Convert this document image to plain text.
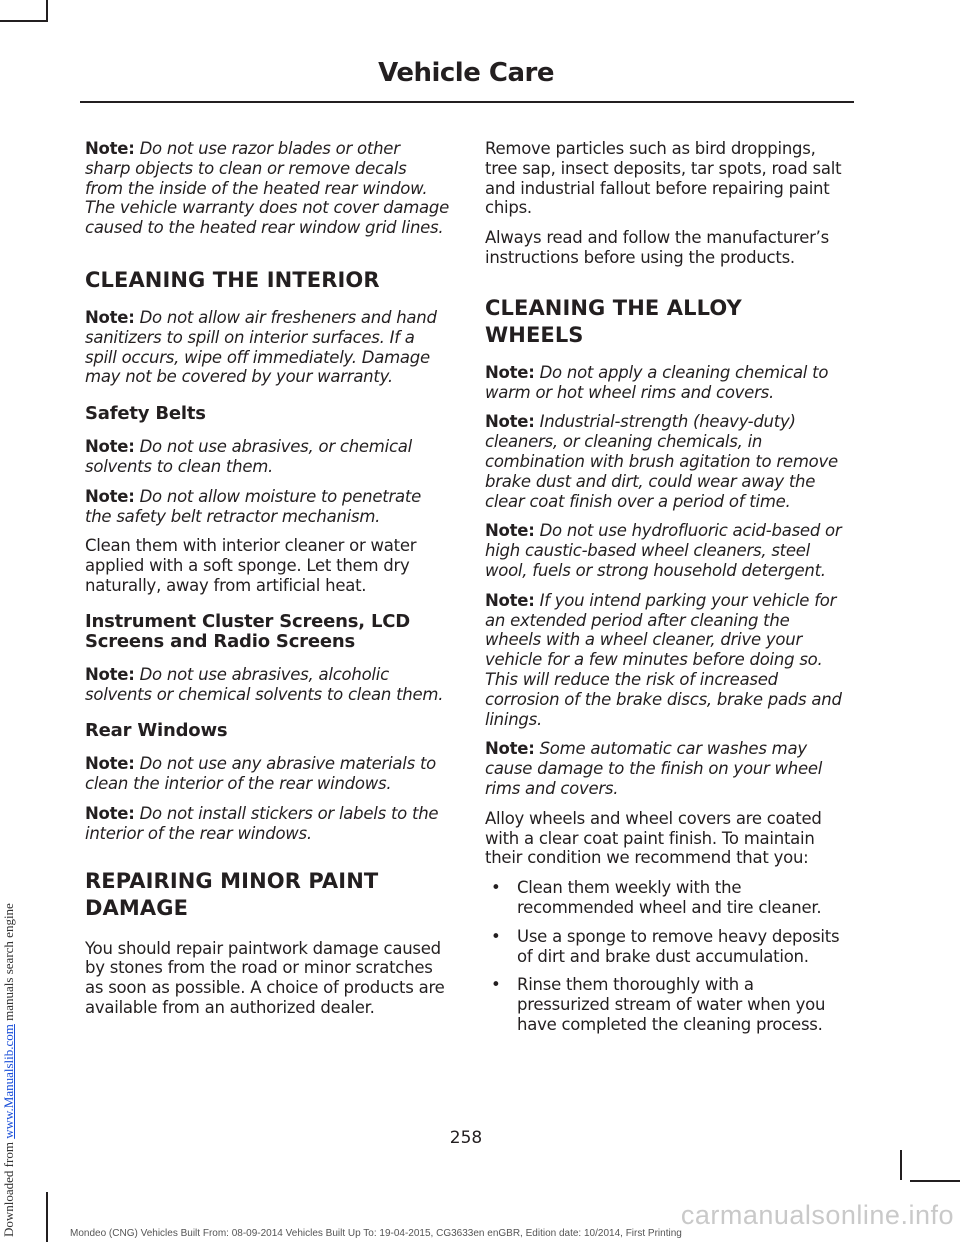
Vehicle Care

Note: Do not use razor blades or other sharp objects to clean or remove decals from the inside of the heated rear window. The vehicle warranty does not cover damage caused to the heated rear window grid lines.

CLEANING THE INTERIOR

Note: Do not allow air fresheners and hand sanitizers to spill on interior surfaces. If a spill occurs, wipe off immediately. Damage may not be covered by your warranty.

Safety Belts

Note: Do not use abrasives, or chemical solvents to clean them.

Note: Do not allow moisture to penetrate the safety belt retractor mechanism.

Clean them with interior cleaner or water applied with a soft sponge. Let them dry naturally, away from artificial heat.

Instrument Cluster Screens, LCD Screens and Radio Screens

Note: Do not use abrasives, alcoholic solvents or chemical solvents to clean them.

Rear Windows

Note: Do not use any abrasive materials to clean the interior of the rear windows.

Note: Do not install stickers or labels to the interior of the rear windows.

REPAIRING MINOR PAINT DAMAGE

You should repair paintwork damage caused by stones from the road or minor scratches as soon as possible. A choice of products are available from an authorized dealer.

Remove particles such as bird droppings, tree sap, insect deposits, tar spots, road salt and industrial fallout before repairing paint chips.

Always read and follow the manufacturer’s instructions before using the products.

CLEANING THE ALLOY WHEELS

Note: Do not apply a cleaning chemical to warm or hot wheel rims and covers.

Note: Industrial-strength (heavy-duty) cleaners, or cleaning chemicals, in combination with brush agitation to remove brake dust and dirt, could wear away the clear coat finish over a period of time.

Note: Do not use hydrofluoric acid-based or high caustic-based wheel cleaners, steel wool, fuels or strong household detergent.

Note: If you intend parking your vehicle for an extended period after cleaning the wheels with a wheel cleaner, drive your vehicle for a few minutes before doing so. This will reduce the risk of increased corrosion of the brake discs, brake pads and linings.

Note: Some automatic car washes may cause damage to the finish on your wheel rims and covers.

Alloy wheels and wheel covers are coated with a clear coat paint finish. To maintain their condition we recommend that you:

• Clean them weekly with the recommended wheel and tire cleaner.
• Use a sponge to remove heavy deposits of dirt and brake dust accumulation.
• Rinse them thoroughly with a pressurized stream of water when you have completed the cleaning process.
258
Mondeo (CNG) Vehicles Built From: 08-09-2014 Vehicles Built Up To: 19-04-2015, CG3633en enGBR, Edition date: 10/2014, First Printing
Downloaded from www.Manualslib.com manuals search engine
carmanualsonline.info
